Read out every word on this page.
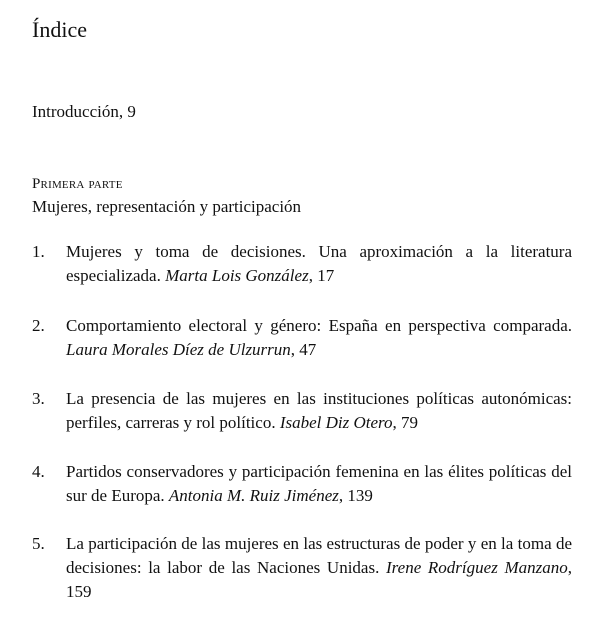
Índice
Introducción, 9
Primera parte
Mujeres, representación y participación
1. Mujeres y toma de decisiones. Una aproximación a la literatura especializada. Marta Lois González, 17
2. Comportamiento electoral y género: España en perspectiva comparada. Laura Morales Díez de Ulzurrun, 47
3. La presencia de las mujeres en las instituciones políticas autonómicas: perfiles, carreras y rol político. Isabel Diz Otero, 79
4. Partidos conservadores y participación femenina en las élites políticas del sur de Europa. Antonia M. Ruiz Jiménez, 139
5. La participación de las mujeres en las estructuras de poder y en la toma de decisiones: la labor de las Naciones Unidas. Irene Rodríguez Manzano, 159
